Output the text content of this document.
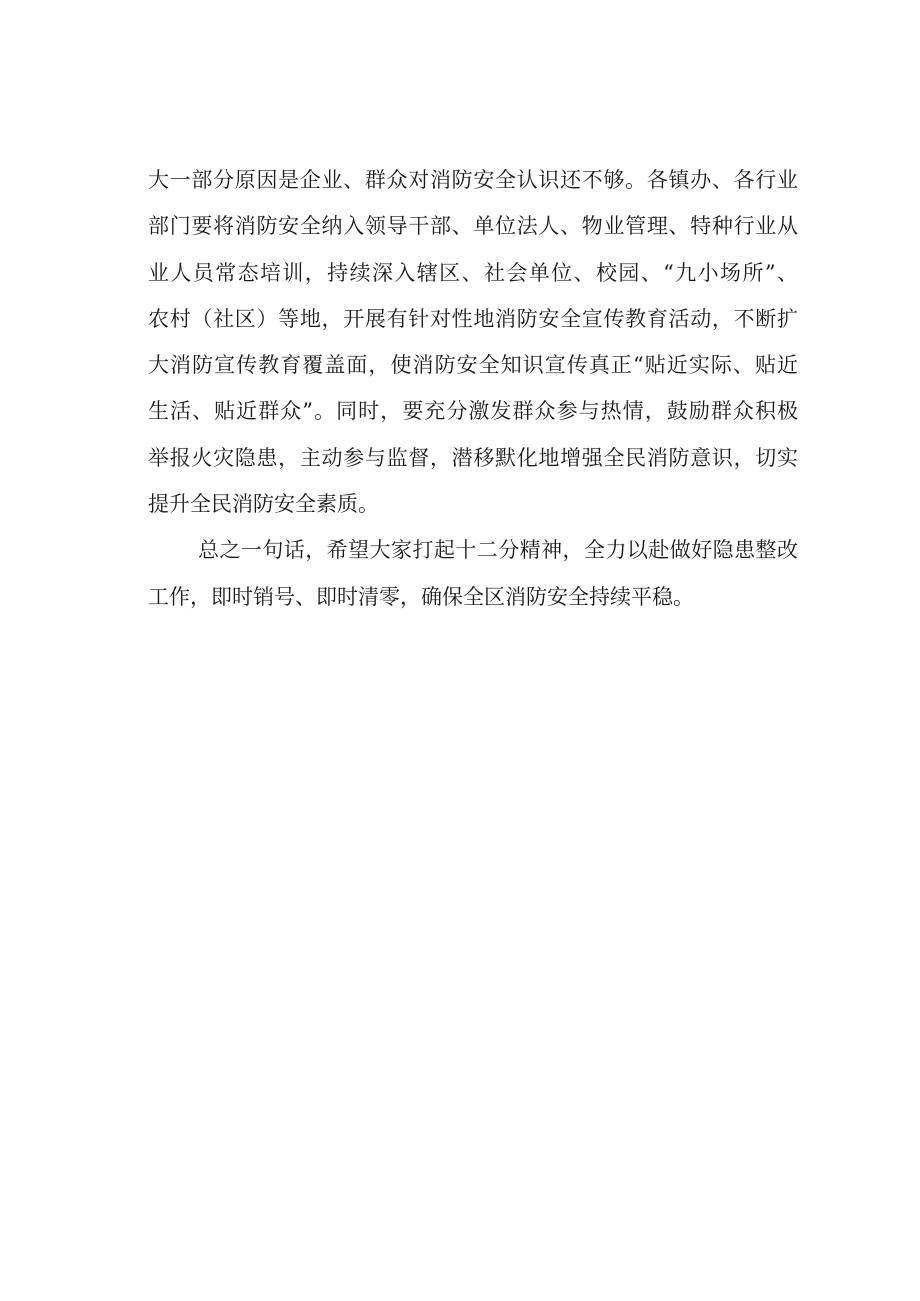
大一部分原因是企业、群众对消防安全认识还不够。各镇办、各行业
部门要将消防安全纳入领导干部、单位法人、物业管理、特种行业从
业人员常态培训，持续深入辖区、社会单位、校园、“九小场所”、
农村（社区）等地，开展有针对性地消防安全宣传教育活动，不断扩
大消防宣传教育覆盖面，使消防安全知识宣传真正“贴近实际、贴近
生活、贴近群众”。同时，要充分激发群众参与热情，鼓励群众积极
举报火灾隐患，主动参与监督，潜移默化地增强全民消防意识，切实
提升全民消防安全素质。
总之一句话，希望大家打起十二分精神，全力以赴做好隐患整改
工作，即时销号、即时清零，确保全区消防安全持续平稳。
